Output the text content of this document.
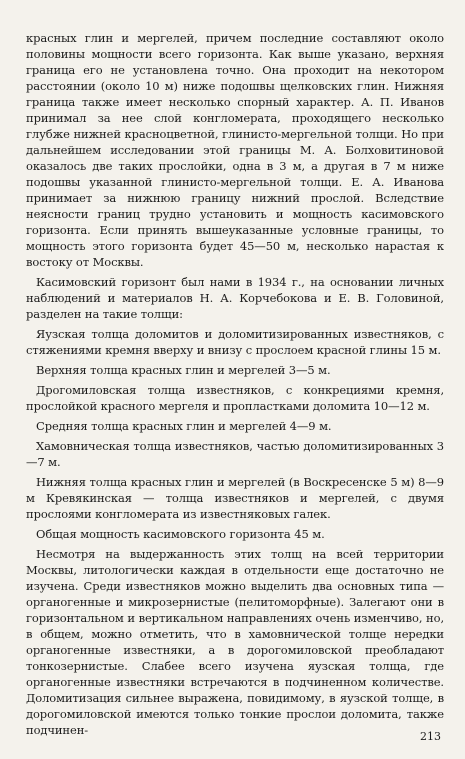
красных глин и мергелей, причем последние составляют около половины мощности всего горизонта. Как выше указано, верхняя граница его не установлена точно. Она проходит на некотором расстоянии (около 10 м) ниже подошвы щелковских глин. Нижняя граница также имеет несколько спорный характер. А. П. Иванов принимал за нее слой конгломерата, проходящего несколько глубже нижней красноцветной, глинисто-мергельной толщи. Но при дальнейшем исследовании этой границы М. А. Болховитиновой оказалось две таких прослойки, одна в 3 м, а другая в 7 м ниже подошвы указанной глинисто-мергельной толщи. Е. А. Иванова принимает за нижнюю границу нижний прослой. Вследствие неясности границ трудно установить и мощность касимовского горизонта. Если принять вышеуказанные условные границы, то мощность этого горизонта будет 45—50 м, несколько нарастая к востоку от Москвы.

Касимовский горизонт был нами в 1934 г., на основании личных наблюдений и материалов Н. А. Корчебокова и Е. В. Головиной, разделен на такие толщи:

Яузская толща доломитов и доломитизированных известняков, с стяжениями кремня вверху и внизу с прослоем красной глины 15 м.

Верхняя толща красных глин и мергелей 3—5 м.

Дрогомиловская толща известняков, с конкрециями кремня, прослойкой красного мергеля и пропластками доломита 10—12 м.

Средняя толща красных глин и мергелей 4—9 м.

Хамовническая толща известняков, частью доломитизированных 3—7 м.

Нижняя толща красных глин и мергелей (в Воскресенске 5 м) 8—9 м Кревякинская — толща известняков и мергелей, с двумя прослоями конгломерата из известняковых галек.

Общая мощность касимовского горизонта 45 м.

Несмотря на выдержанность этих толщ на всей территории Москвы, литологически каждая в отдельности еще достаточно не изучена. Среди известняков можно выделить два основных типа — органогенные и микрозернистые (пелитоморфные). Залегают они в горизонтальном и вертикальном направлениях очень изменчиво, но, в общем, можно отметить, что в хамовнической толще нередки органогенные известняки, а в дорогомиловской преобладают тонкозернистые. Слабее всего изучена яузская толща, где органогенные известняки встречаются в подчиненном количестве. Доломитизация сильнее выражена, повидимому, в яузской толще, в дорогомиловской имеются только тонкие прослои доломита, также подчинен-	213
